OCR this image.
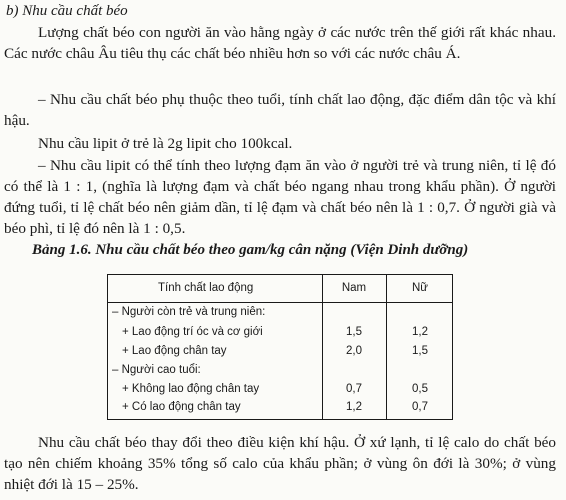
b) Nhu cầu chất béo

Lượng chất béo con người ăn vào hằng ngày ở các nước trên thế giới rất khác nhau. Các nước châu Âu tiêu thụ các chất béo nhiều hơn so với các nước châu Á.

– Nhu cầu chất béo phụ thuộc theo tuổi, tính chất lao động, đặc điểm dân tộc và khí hậu.

Nhu cầu lipit ở trẻ là 2g lipit cho 100kcal.

– Nhu cầu lipit có thể tính theo lượng đạm ăn vào ở người trẻ và trung niên, tỉ lệ đó có thể là 1 : 1, (nghĩa là lượng đạm và chất béo ngang nhau trong khẩu phần). Ở người đứng tuổi, tỉ lệ chất béo nên giảm dần, tỉ lệ đạm và chất béo nên là 1 : 0,7. Ở người già và béo phì, tỉ lệ đó nên là 1 : 0,5.

Bảng 1.6. Nhu cầu chất béo theo gam/kg cân nặng (Viện Dinh dưỡng)
Tính chất lao động	Nam	Nữ
– Người còn trẻ và trung niên:
+ Lao động trí óc và cơ giới	1,5	1,2
+ Lao động chân tay	2,0	1,5
– Người cao tuổi:
+ Không lao động chân tay	0,7	0,5
+ Có lao động chân tay	1,2	0,7

Nhu cầu chất béo thay đổi theo điều kiện khí hậu. Ở xứ lạnh, tỉ lệ calo do chất béo tạo nên chiếm khoảng 35% tổng số calo của khẩu phần; ở vùng ôn đới là 30%; ở vùng nhiệt đới là 15 – 25%.
